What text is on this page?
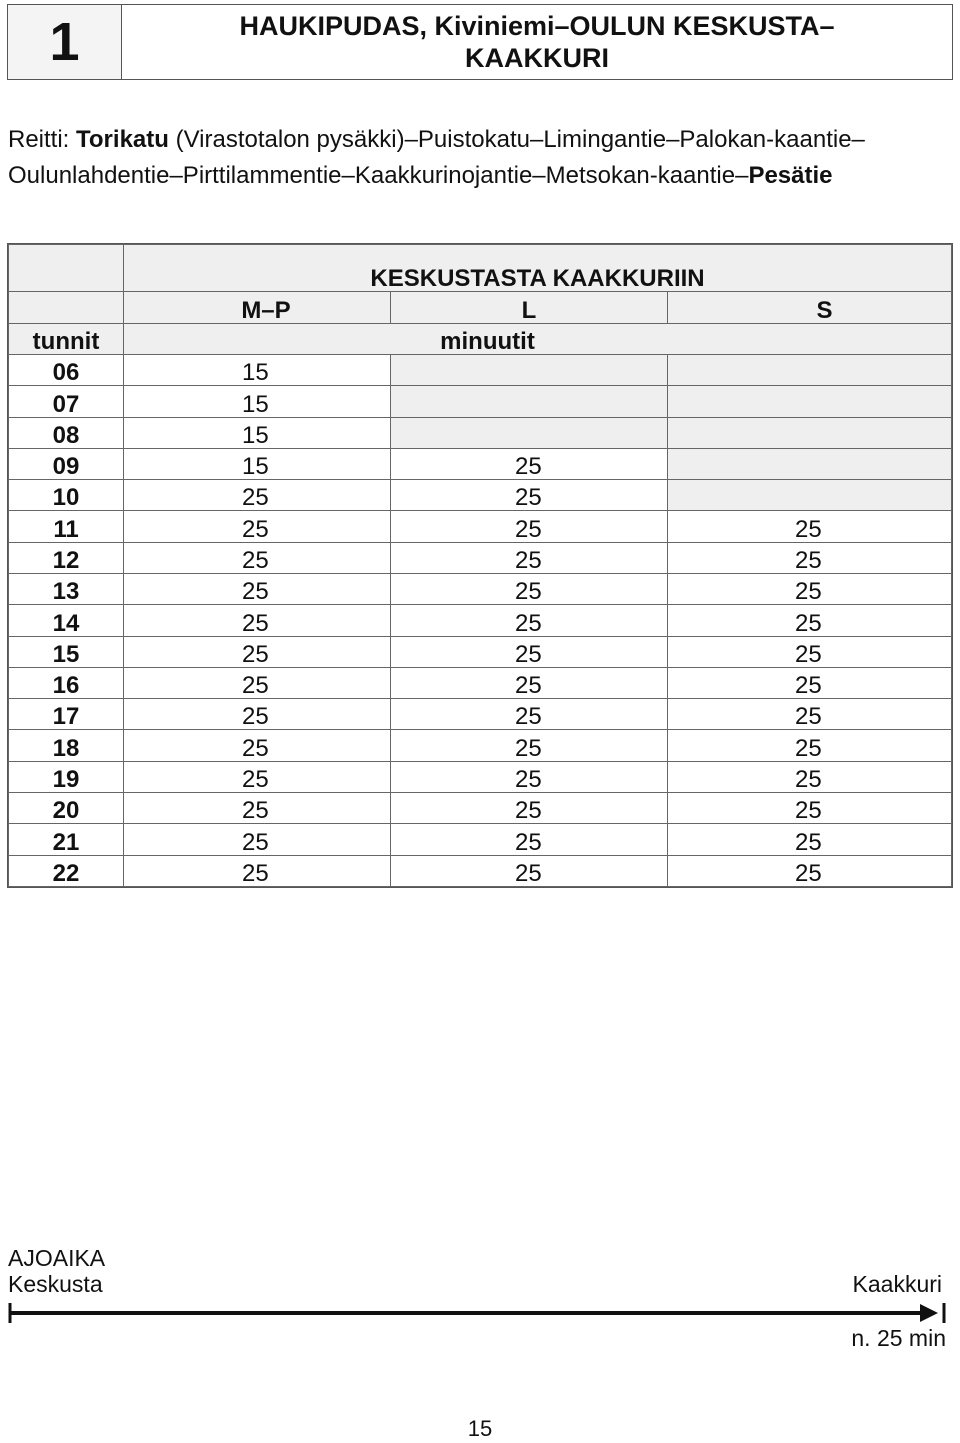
1	HAUKIPUDAS, Kiviniemi–OULUN KESKUSTA–
KAAKKURI
Reitti: Torikatu (Virastotalon pysäkki)–Puistokatu–Limingantie–Palokan-kaantie–Oulunlahdentie–Pirttilammentie–Kaakkurinojantie–Metsokan-kaantie–Pesätie
	KESKUSTASTA KAAKKURIIN		
	M–P	L	S
tunnit	minuutit		
06	15		
07	15		
08	15		
09	15	25	
10	25	25	
11	25	25	25
12	25	25	25
13	25	25	25
14	25	25	25
15	25	25	25
16	25	25	25
17	25	25	25
18	25	25	25
19	25	25	25
20	25	25	25
21	25	25	25
22	25	25	25
AJOAIKA
Keskusta	Kaakkuri
n. 25 min
15
